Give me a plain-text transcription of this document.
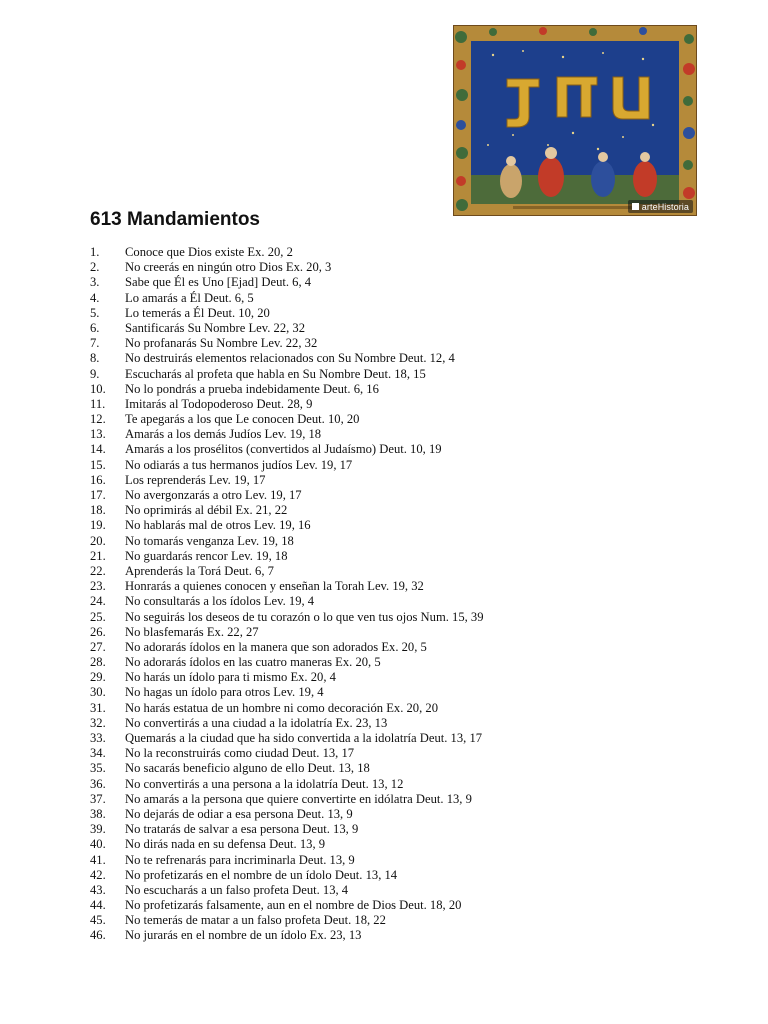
arteHistoria
613 Mandamientos
1. Conoce que Dios existe Ex. 20, 2
2. No creerás en ningún otro Dios Ex. 20, 3
3. Sabe que Él es Uno [Ejad] Deut. 6, 4
4. Lo amarás a Él Deut. 6, 5
5. Lo temerás a Él Deut. 10, 20
6. Santificarás Su Nombre Lev. 22, 32
7. No profanarás Su Nombre Lev. 22, 32
8. No destruirás elementos relacionados con Su Nombre Deut. 12, 4
9. Escucharás al profeta que habla en Su Nombre Deut. 18, 15
10. No lo pondrás a prueba indebidamente Deut. 6, 16
11. Imitarás al Todopoderoso Deut. 28, 9
12. Te apegarás a los que Le conocen Deut. 10, 20
13. Amarás a los demás Judíos Lev. 19, 18
14. Amarás a los prosélitos (convertidos al Judaísmo) Deut. 10, 19
15. No odiarás a tus hermanos judíos Lev. 19, 17
16. Los reprenderás Lev. 19, 17
17. No avergonzarás a otro Lev. 19, 17
18. No oprimirás al débil Ex. 21, 22
19. No hablarás mal de otros Lev. 19, 16
20. No tomarás venganza Lev. 19, 18
21. No guardarás rencor Lev. 19, 18
22. Aprenderás la Torá Deut. 6, 7
23. Honrarás a quienes conocen y enseñan la Torah Lev. 19, 32
24. No consultarás a los ídolos Lev. 19, 4
25. No seguirás los deseos de tu corazón o lo que ven tus ojos Num. 15, 39
26. No blasfemarás Ex. 22, 27
27. No adorarás ídolos en la manera que son adorados Ex. 20, 5
28. No adorarás ídolos en las cuatro maneras Ex. 20, 5
29. No harás un ídolo para ti mismo Ex. 20, 4
30. No hagas un ídolo para otros Lev. 19, 4
31. No harás estatua de un hombre ni como decoración Ex. 20, 20
32. No convertirás a una ciudad a la idolatría Ex. 23, 13
33. Quemarás a la ciudad que ha sido convertida a la idolatría Deut. 13, 17
34. No la reconstruirás como ciudad Deut. 13, 17
35. No sacarás beneficio alguno de ello Deut. 13, 18
36. No convertirás a una persona a la idolatría Deut. 13, 12
37. No amarás a la persona que quiere convertirte en idólatra Deut. 13, 9
38. No dejarás de odiar a esa persona Deut. 13, 9
39. No tratarás de salvar a esa persona Deut. 13, 9
40. No dirás nada en su defensa Deut. 13, 9
41. No te refrenarás para incriminarla Deut. 13, 9
42. No profetizarás en el nombre de un ídolo Deut. 13, 14
43. No escucharás a un falso profeta Deut. 13, 4
44. No profetizarás falsamente, aun en el nombre de Dios Deut. 18, 20
45. No temerás de matar a un falso profeta Deut. 18, 22
46. No jurarás en el nombre de un ídolo Ex. 23, 13
